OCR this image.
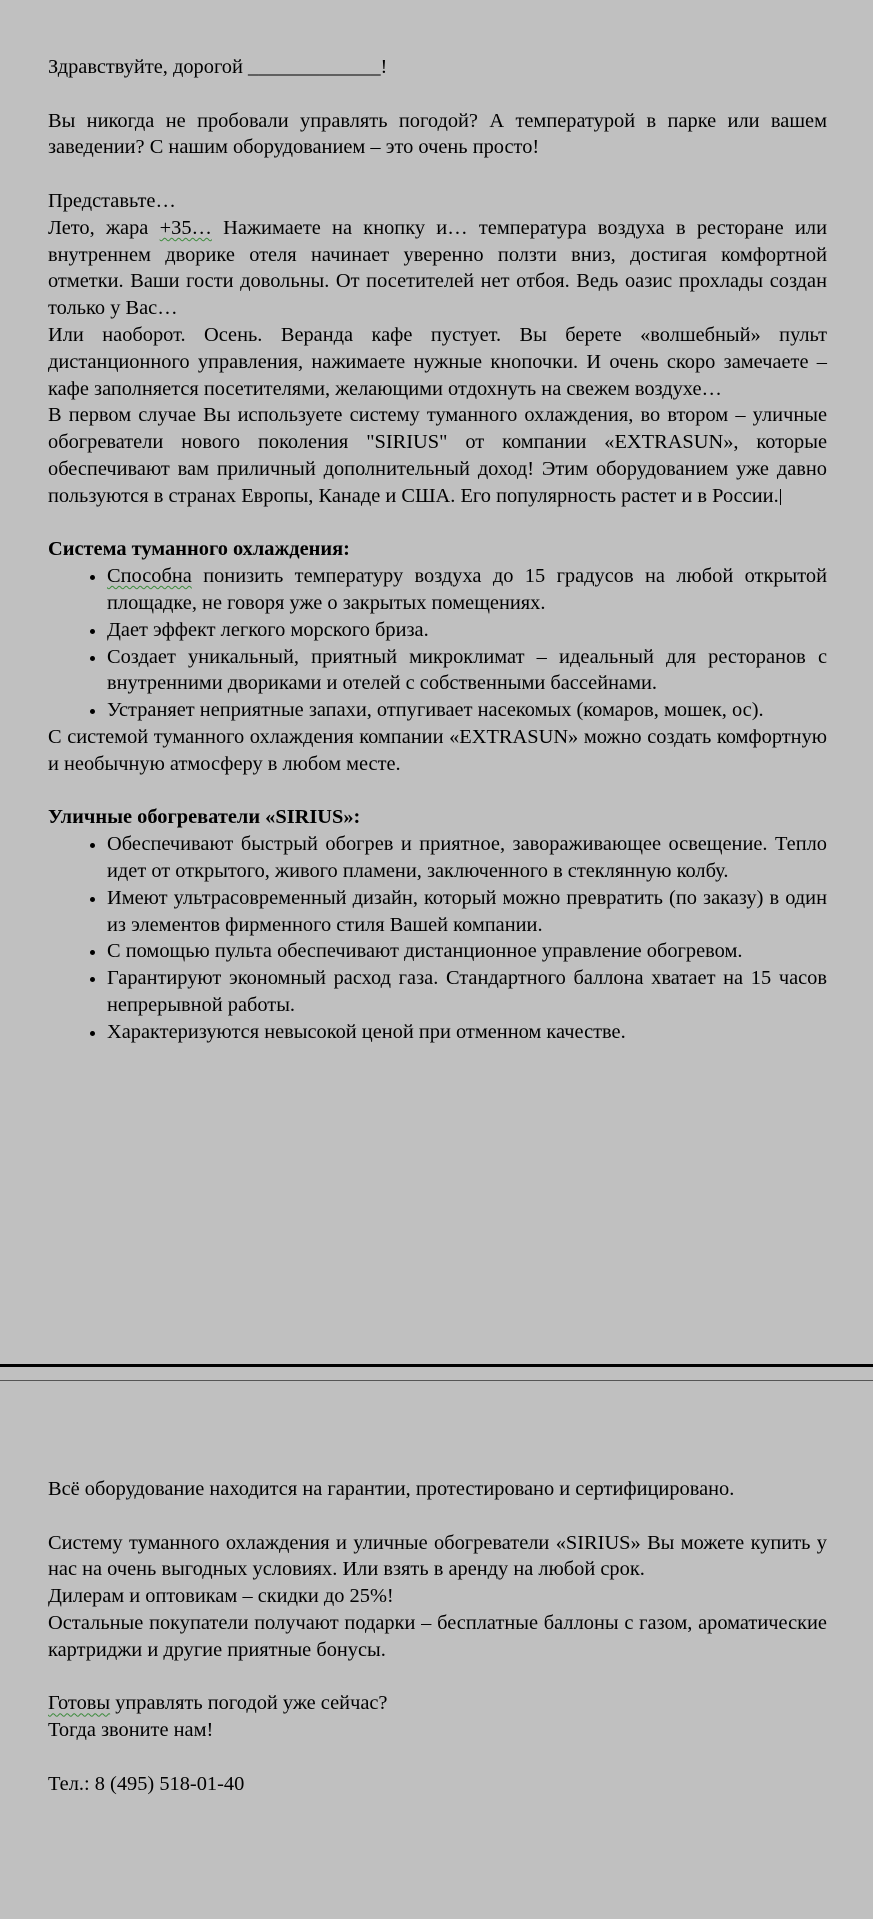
Здравствуйте, дорогой _____________!

Вы никогда не пробовали управлять погодой? А температурой в парке или вашем заведении? С нашим оборудованием – это очень просто!

Представьте…

Лето, жара +35… Нажимаете на кнопку и… температура воздуха в ресторане или внутреннем дворике отеля начинает уверенно ползти вниз, достигая комфортной отметки. Ваши гости довольны. От посетителей нет отбоя. Ведь оазис прохлады создан только у Вас…

Или наоборот. Осень. Веранда кафе пустует. Вы берете «волшебный» пульт дистанционного управления, нажимаете нужные кнопочки. И очень скоро замечаете – кафе заполняется посетителями, желающими отдохнуть на свежем воздухе…

В первом случае Вы используете систему туманного охлаждения, во втором – уличные обогреватели нового поколения "SIRIUS" от компании «EXTRASUN», которые обеспечивают вам приличный дополнительный доход! Этим оборудованием уже давно пользуются в странах Европы, Канаде и США. Его популярность растет и в России.

Система туманного охлаждения:
• Способна понизить температуру воздуха до 15 градусов на любой открытой площадке, не говоря уже о закрытых помещениях.
• Дает эффект легкого морского бриза.
• Создает уникальный, приятный микроклимат – идеальный для ресторанов с внутренними двориками и отелей с собственными бассейнами.
• Устраняет неприятные запахи, отпугивает насекомых (комаров, мошек, ос).

С системой туманного охлаждения компании «EXTRASUN» можно создать комфортную и необычную атмосферу в любом месте.

Уличные обогреватели «SIRIUS»:
• Обеспечивают быстрый обогрев и приятное, завораживающее освещение. Тепло идет от открытого, живого пламени, заключенного в стеклянную колбу.
• Имеют ультрасовременный дизайн, который можно превратить (по заказу) в один из элементов фирменного стиля Вашей компании.
• С помощью пульта обеспечивают дистанционное управление обогревом.
• Гарантируют экономный расход газа. Стандартного баллона хватает на 15 часов непрерывной работы.
• Характеризуются невысокой ценой при отменном качестве.

Всё оборудование находится на гарантии, протестировано и сертифицировано.

Систему туманного охлаждения и уличные обогреватели «SIRIUS» Вы можете купить у нас на очень выгодных условиях. Или взять в аренду на любой срок.

Дилерам и оптовикам – скидки до 25%!

Остальные покупатели получают подарки – бесплатные баллоны с газом, ароматические картриджи и другие приятные бонусы.

Готовы управлять погодой уже сейчас?

Тогда звоните нам!

Тел.: 8 (495) 518-01-40
